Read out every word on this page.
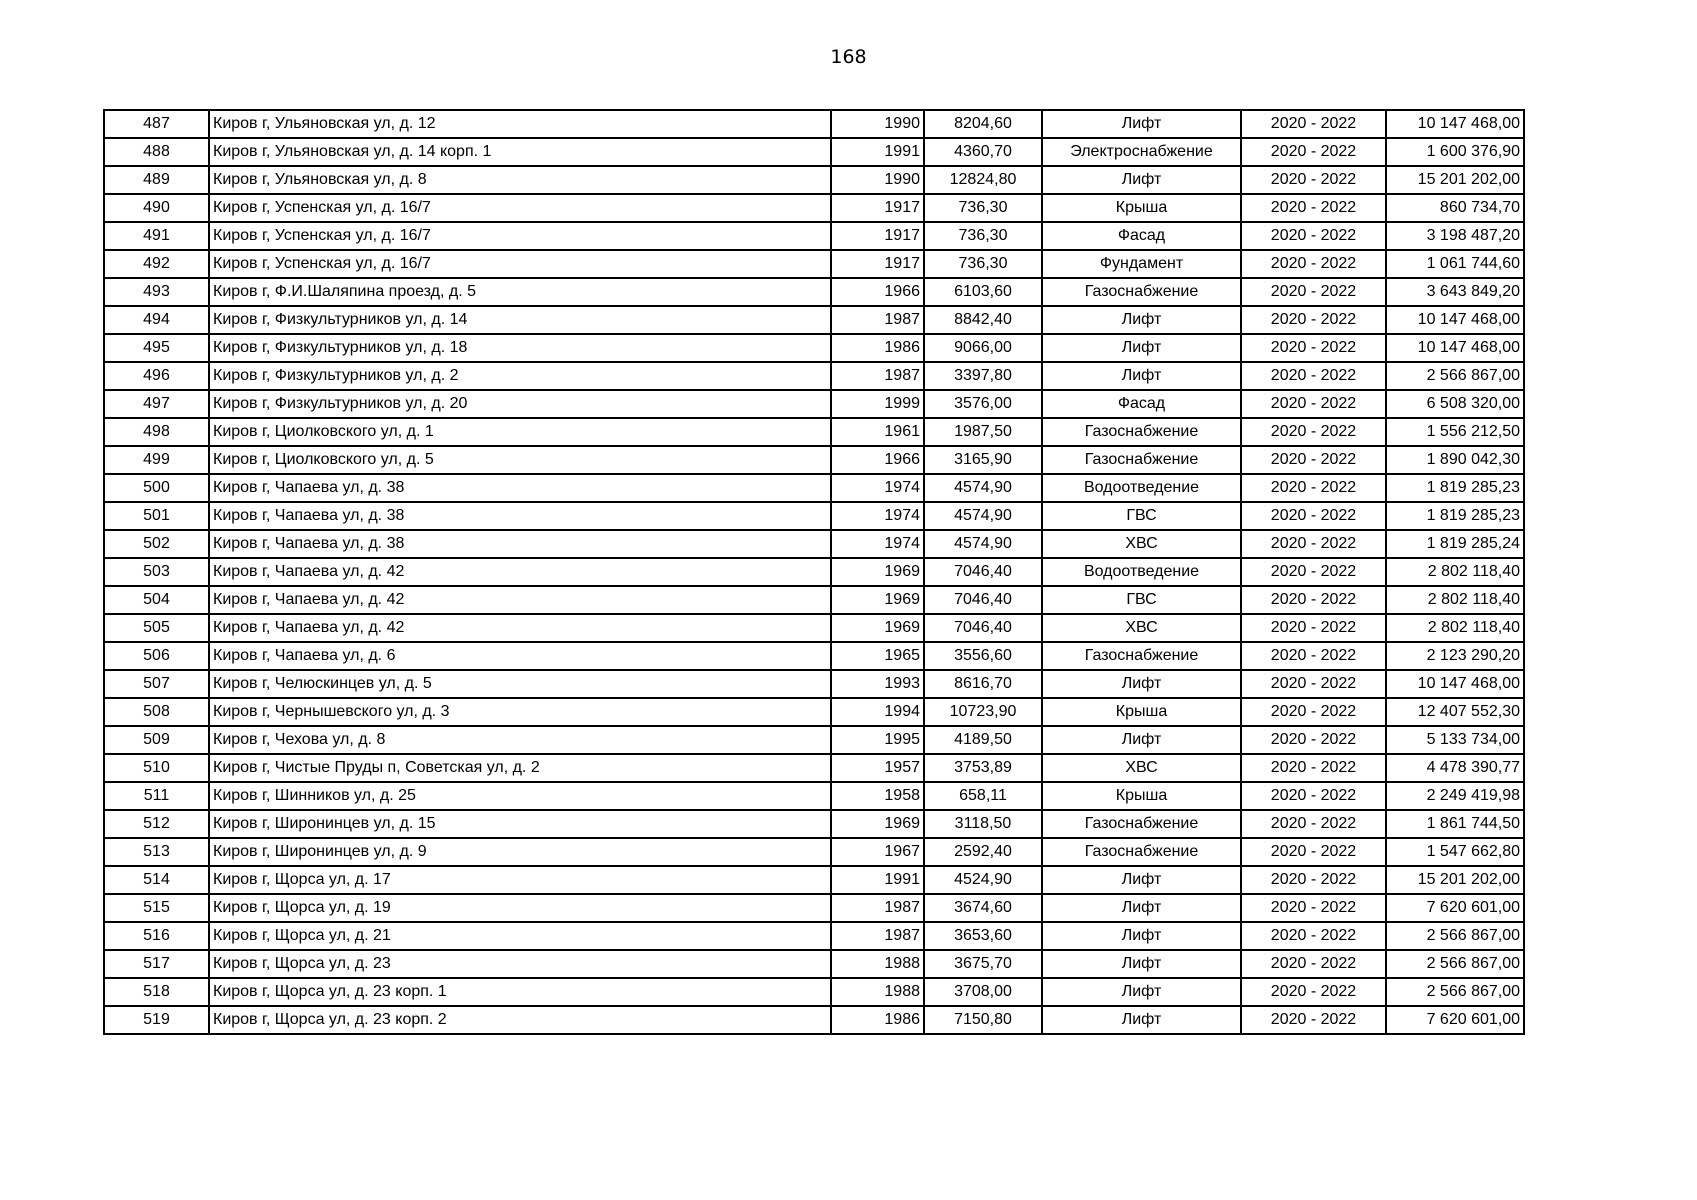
168
487	Киров г, Ульяновская ул, д. 12	1990	8204,60	Лифт	2020 - 2022	10 147 468,00
488	Киров г, Ульяновская ул, д. 14 корп. 1	1991	4360,70	Электроснабжение	2020 - 2022	1 600 376,90
489	Киров г, Ульяновская ул, д. 8	1990	12824,80	Лифт	2020 - 2022	15 201 202,00
490	Киров г, Успенская ул, д. 16/7	1917	736,30	Крыша	2020 - 2022	860 734,70
491	Киров г, Успенская ул, д. 16/7	1917	736,30	Фасад	2020 - 2022	3 198 487,20
492	Киров г, Успенская ул, д. 16/7	1917	736,30	Фундамент	2020 - 2022	1 061 744,60
493	Киров г, Ф.И.Шаляпина проезд, д. 5	1966	6103,60	Газоснабжение	2020 - 2022	3 643 849,20
494	Киров г, Физкультурников ул, д. 14	1987	8842,40	Лифт	2020 - 2022	10 147 468,00
495	Киров г, Физкультурников ул, д. 18	1986	9066,00	Лифт	2020 - 2022	10 147 468,00
496	Киров г, Физкультурников ул, д. 2	1987	3397,80	Лифт	2020 - 2022	2 566 867,00
497	Киров г, Физкультурников ул, д. 20	1999	3576,00	Фасад	2020 - 2022	6 508 320,00
498	Киров г, Циолковского ул, д. 1	1961	1987,50	Газоснабжение	2020 - 2022	1 556 212,50
499	Киров г, Циолковского ул, д. 5	1966	3165,90	Газоснабжение	2020 - 2022	1 890 042,30
500	Киров г, Чапаева ул, д. 38	1974	4574,90	Водоотведение	2020 - 2022	1 819 285,23
501	Киров г, Чапаева ул, д. 38	1974	4574,90	ГВС	2020 - 2022	1 819 285,23
502	Киров г, Чапаева ул, д. 38	1974	4574,90	ХВС	2020 - 2022	1 819 285,24
503	Киров г, Чапаева ул, д. 42	1969	7046,40	Водоотведение	2020 - 2022	2 802 118,40
504	Киров г, Чапаева ул, д. 42	1969	7046,40	ГВС	2020 - 2022	2 802 118,40
505	Киров г, Чапаева ул, д. 42	1969	7046,40	ХВС	2020 - 2022	2 802 118,40
506	Киров г, Чапаева ул, д. 6	1965	3556,60	Газоснабжение	2020 - 2022	2 123 290,20
507	Киров г, Челюскинцев ул, д. 5	1993	8616,70	Лифт	2020 - 2022	10 147 468,00
508	Киров г, Чернышевского ул, д. 3	1994	10723,90	Крыша	2020 - 2022	12 407 552,30
509	Киров г, Чехова ул, д. 8	1995	4189,50	Лифт	2020 - 2022	5 133 734,00
510	Киров г, Чистые Пруды п, Советская ул, д. 2	1957	3753,89	ХВС	2020 - 2022	4 478 390,77
511	Киров г, Шинников ул, д. 25	1958	658,11	Крыша	2020 - 2022	2 249 419,98
512	Киров г, Широнинцев ул, д. 15	1969	3118,50	Газоснабжение	2020 - 2022	1 861 744,50
513	Киров г, Широнинцев ул, д. 9	1967	2592,40	Газоснабжение	2020 - 2022	1 547 662,80
514	Киров г, Щорса ул, д. 17	1991	4524,90	Лифт	2020 - 2022	15 201 202,00
515	Киров г, Щорса ул, д. 19	1987	3674,60	Лифт	2020 - 2022	7 620 601,00
516	Киров г, Щорса ул, д. 21	1987	3653,60	Лифт	2020 - 2022	2 566 867,00
517	Киров г, Щорса ул, д. 23	1988	3675,70	Лифт	2020 - 2022	2 566 867,00
518	Киров г, Щорса ул, д. 23 корп. 1	1988	3708,00	Лифт	2020 - 2022	2 566 867,00
519	Киров г, Щорса ул, д. 23 корп. 2	1986	7150,80	Лифт	2020 - 2022	7 620 601,00
